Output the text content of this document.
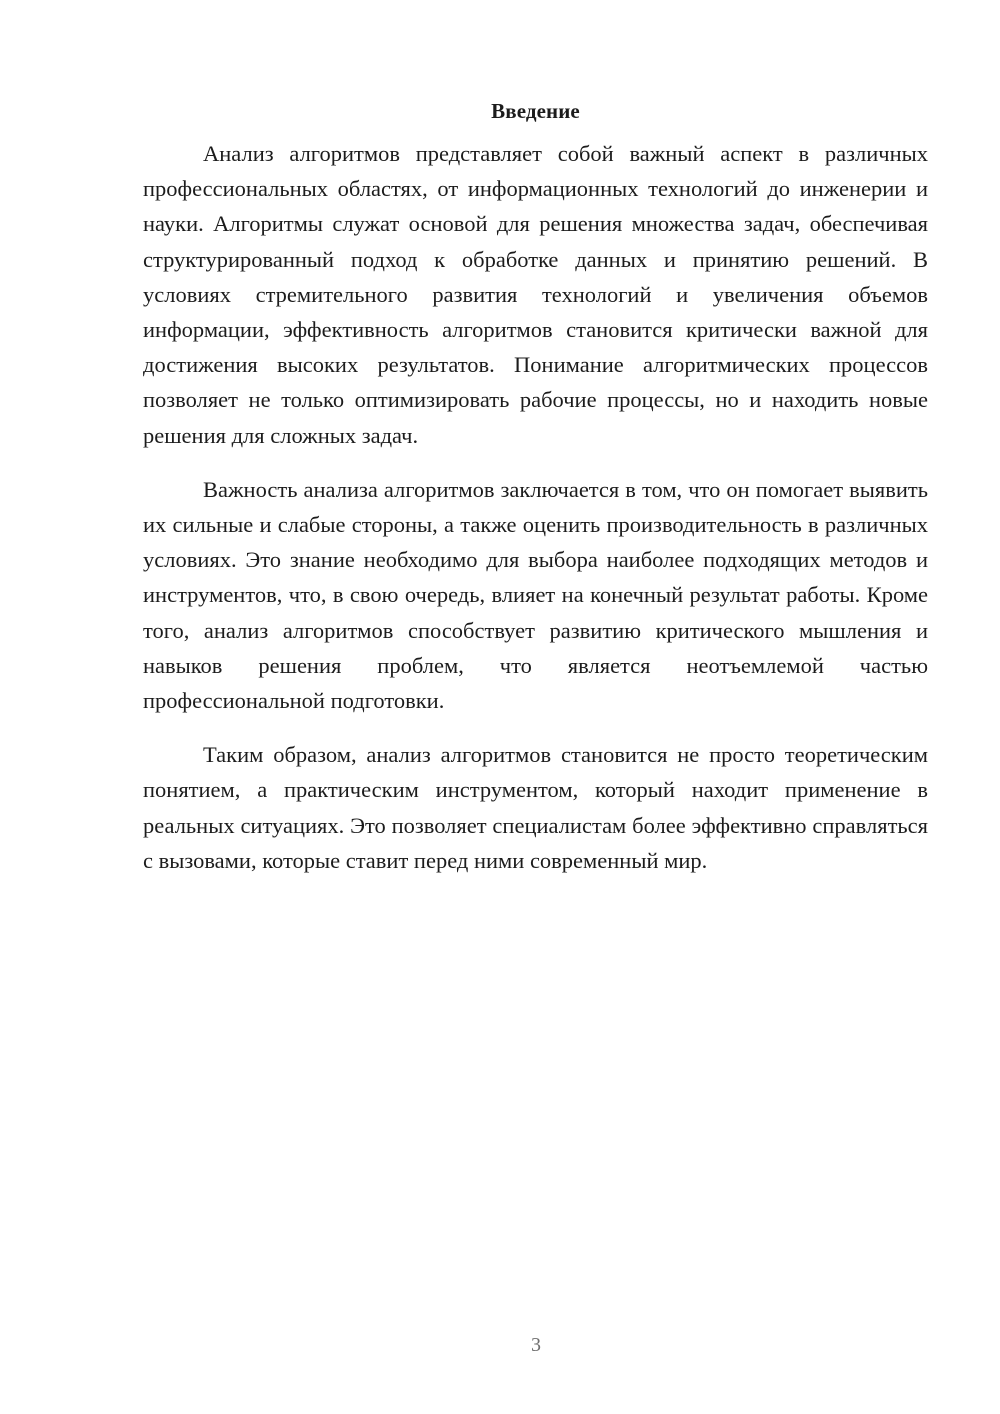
Введение

Анализ алгоритмов представляет собой важный аспект в различных профессиональных областях, от информационных технологий до инженерии и науки. Алгоритмы служат основой для решения множества задач, обеспечивая структурированный подход к обработке данных и принятию решений. В условиях стремительного развития технологий и увеличения объемов информации, эффективность алгоритмов становится критически важной для достижения высоких результатов. Понимание алгоритмических процессов позволяет не только оптимизировать рабочие процессы, но и находить новые решения для сложных задач.

Важность анализа алгоритмов заключается в том, что он помогает выявить их сильные и слабые стороны, а также оценить производительность в различных условиях. Это знание необходимо для выбора наиболее подходящих методов и инструментов, что, в свою очередь, влияет на конечный результат работы. Кроме того, анализ алгоритмов способствует развитию критического мышления и навыков решения проблем, что является неотъемлемой частью профессиональной подготовки.

Таким образом, анализ алгоритмов становится не просто теоретическим понятием, а практическим инструментом, который находит применение в реальных ситуациях. Это позволяет специалистам более эффективно справляться с вызовами, которые ставит перед ними современный мир.

3
